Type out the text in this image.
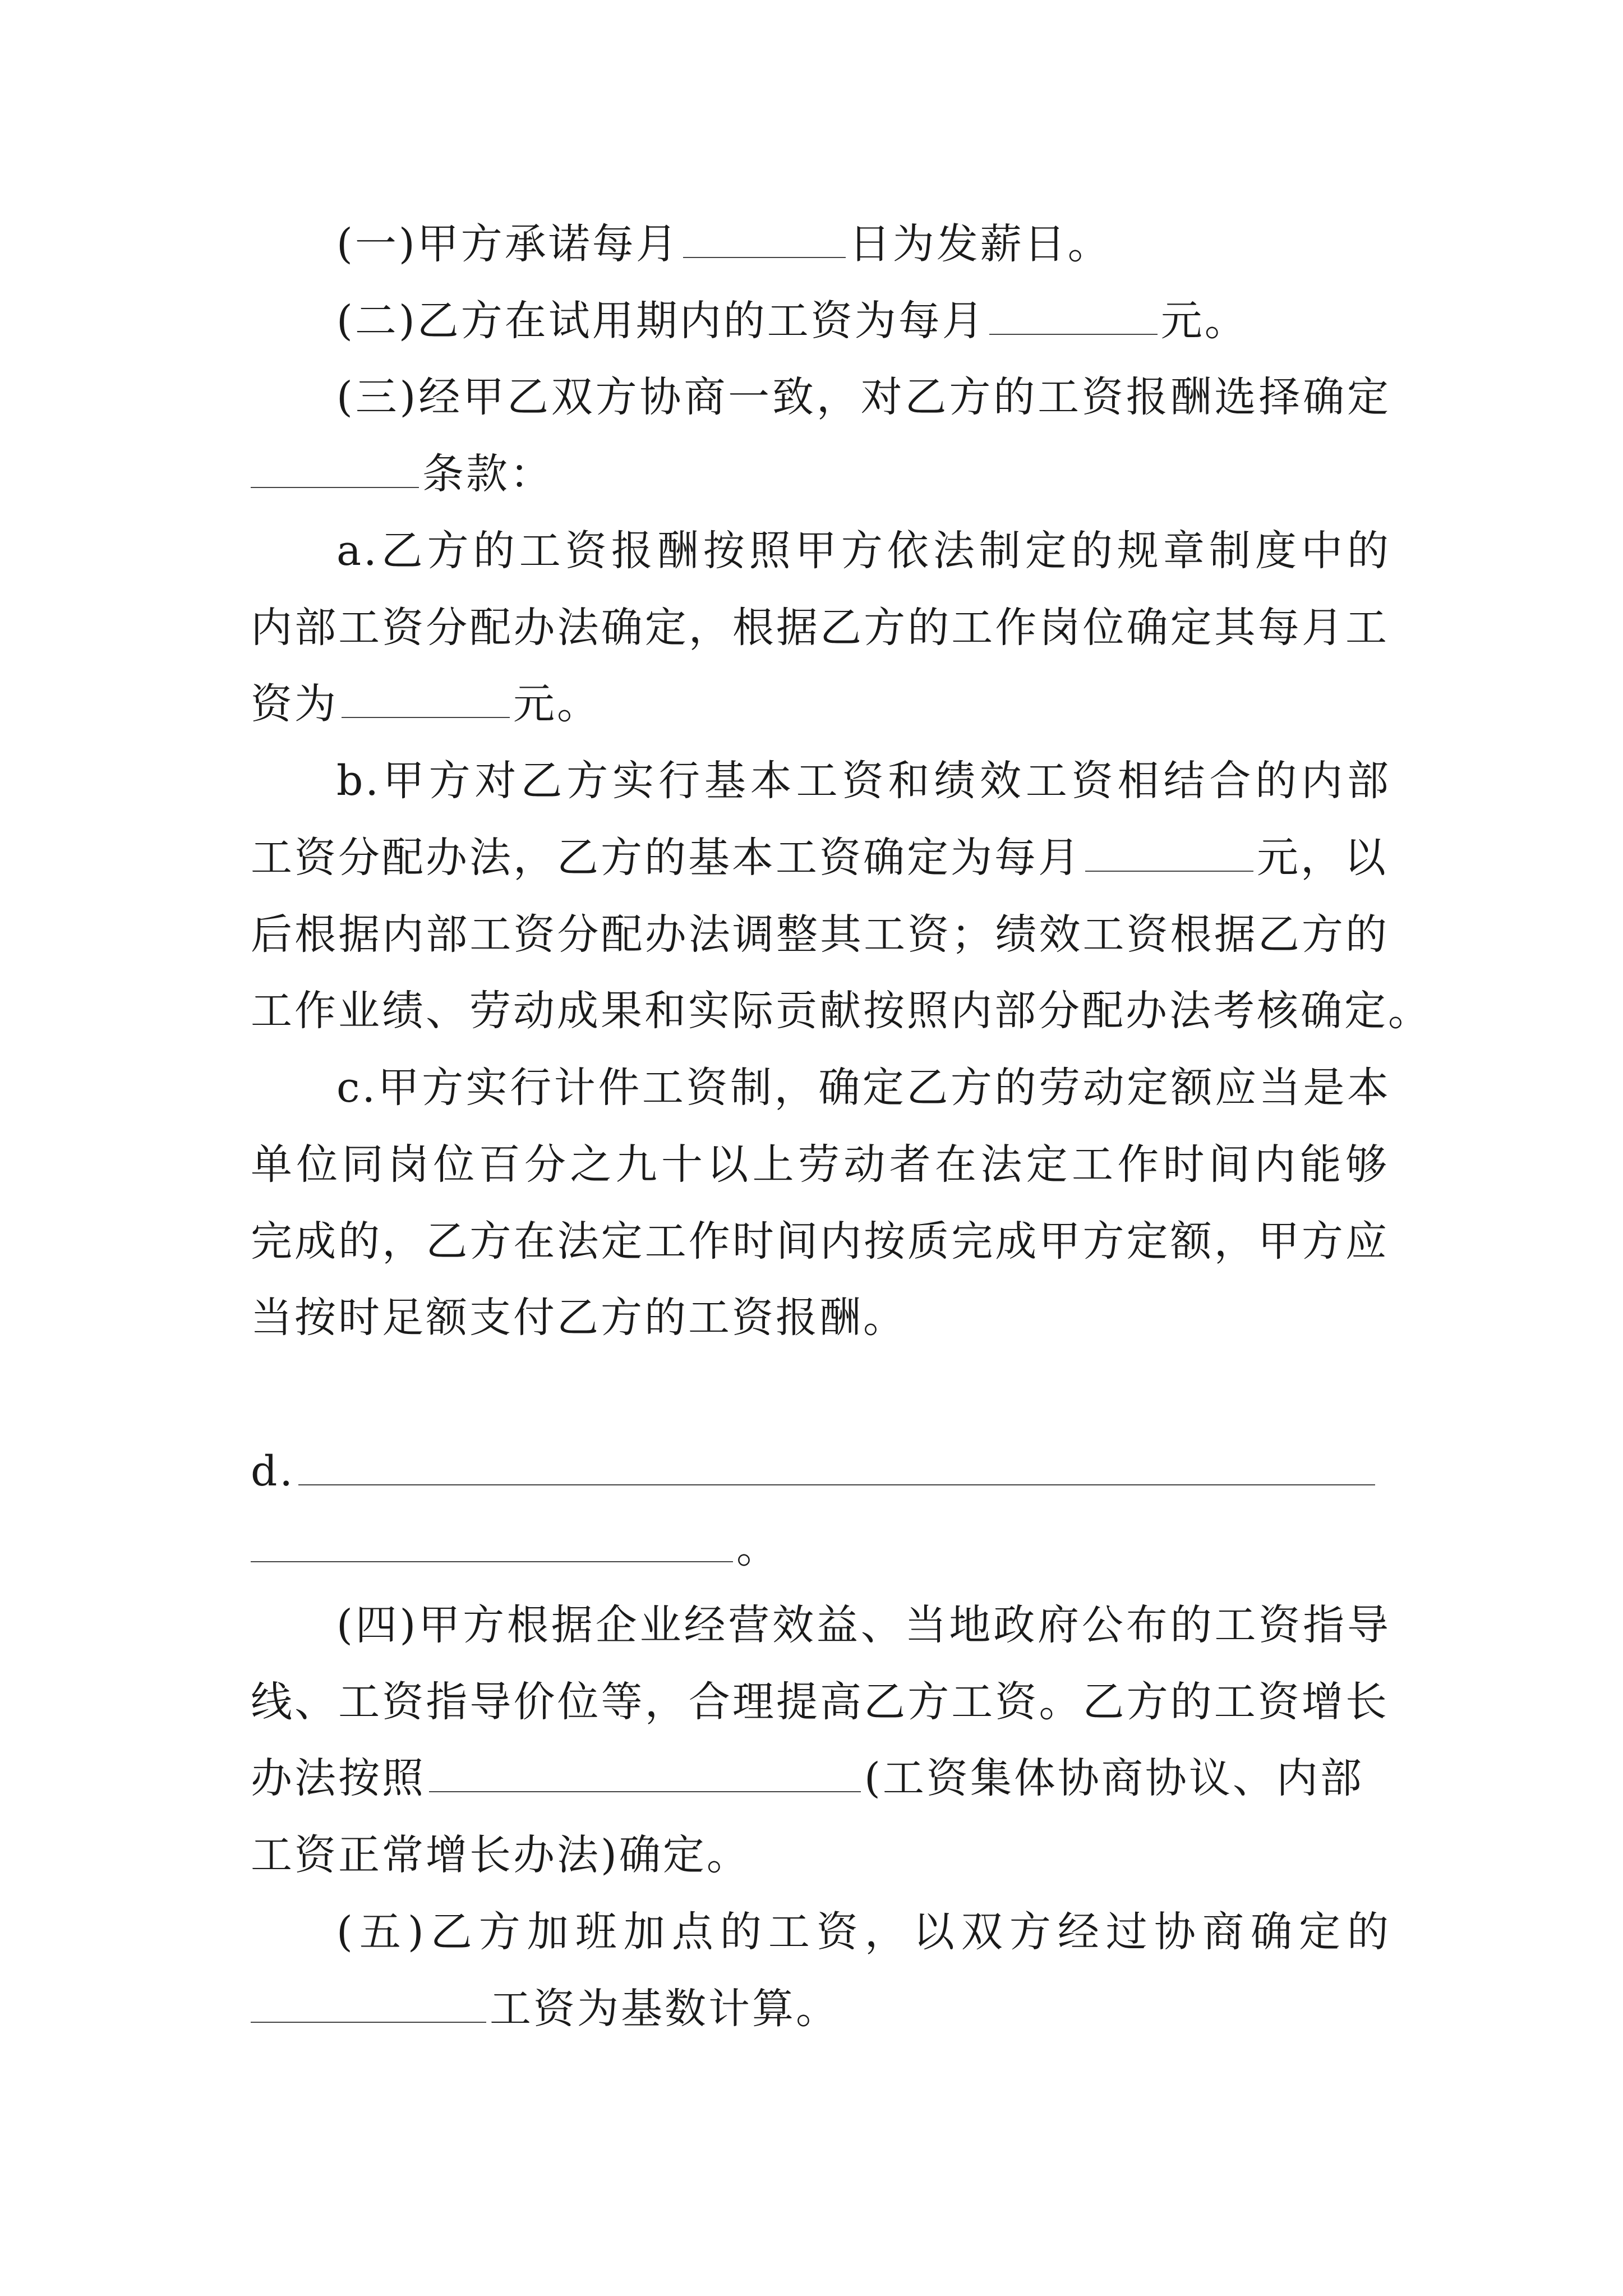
(一)甲方承诺每月	日为发薪日。
(二)乙方在试用期内的工资为每月	元。
(三)经甲乙双方协商一致，对乙方的工资报酬选择确定
条款：
a.乙方的工资报酬按照甲方依法制定的规章制度中的
内部工资分配办法确定，根据乙方的工作岗位确定其每月工
资为	元。
b.甲方对乙方实行基本工资和绩效工资相结合的内部
工资分配办法，乙方的基本工资确定为每月	元，以
后根据内部工资分配办法调整其工资；绩效工资根据乙方的
工作业绩、劳动成果和实际贡献按照内部分配办法考核确定。
c.甲方实行计件工资制，确定乙方的劳动定额应当是本
单位同岗位百分之九十以上劳动者在法定工作时间内能够
完成的，乙方在法定工作时间内按质完成甲方定额，甲方应
当按时足额支付乙方的工资报酬。
d.
。
(四)甲方根据企业经营效益、当地政府公布的工资指导
线、工资指导价位等，合理提高乙方工资。乙方的工资增长
办法按照	(工资集体协商协议、内部
工资正常增长办法)确定。
(五)乙方加班加点的工资，以双方经过协商确定的
工资为基数计算。
